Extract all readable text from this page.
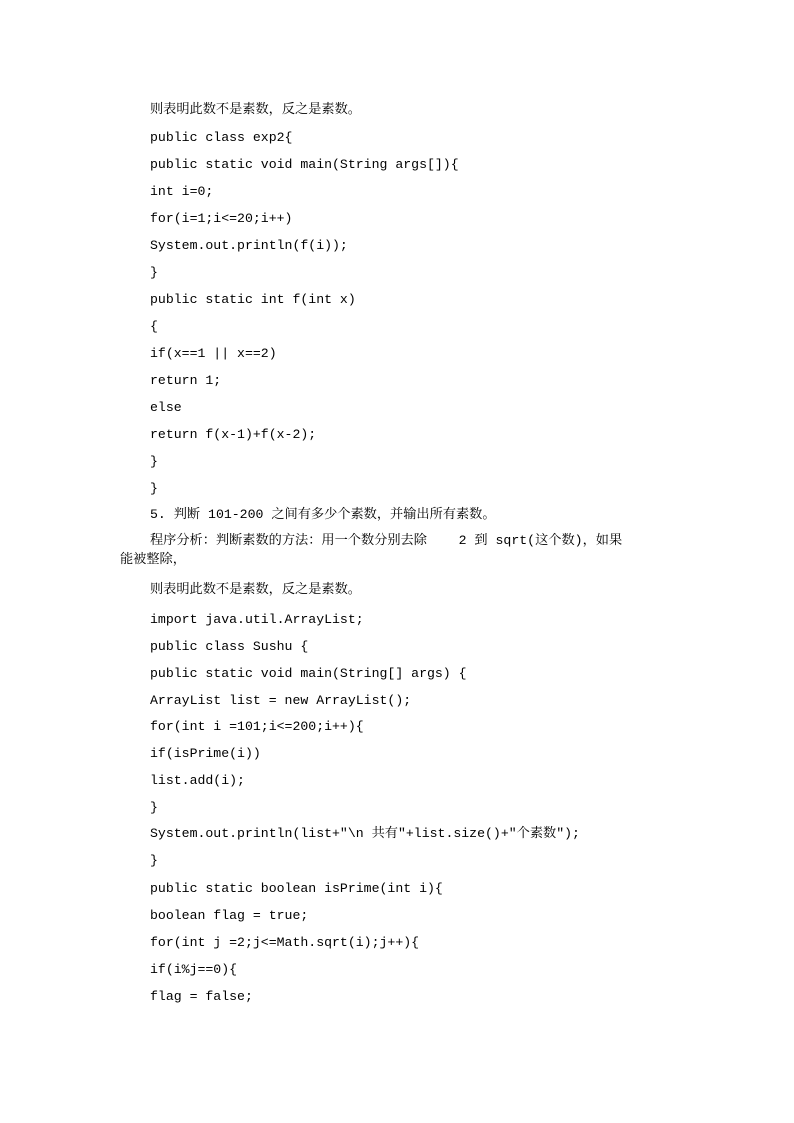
则表明此数不是素数，反之是素数。
public class exp2{
public static void main(String args[]){
int i=0;
for(i=1;i<=20;i++)
System.out.println(f(i));
}
public static int f(int x)
{
if(x==1 || x==2)
return 1;
else
return f(x-1)+f(x-2);
}
}
5. 判断 101-200 之间有多少个素数，并输出所有素数。
程序分析：判断素数的方法：用一个数分别去除    2 到 sqrt(这个数)，如果
能被整除，
则表明此数不是素数，反之是素数。
import java.util.ArrayList;
public class Sushu {
public static void main(String[] args) {
ArrayList list = new ArrayList();
for(int i =101;i<=200;i++){
if(isPrime(i))
list.add(i);
}
System.out.println(list+"\n 共有"+list.size()+"个素数");
}
public static boolean isPrime(int i){
boolean flag = true;
for(int j =2;j<=Math.sqrt(i);j++){
if(i%j==0){
flag = false;
